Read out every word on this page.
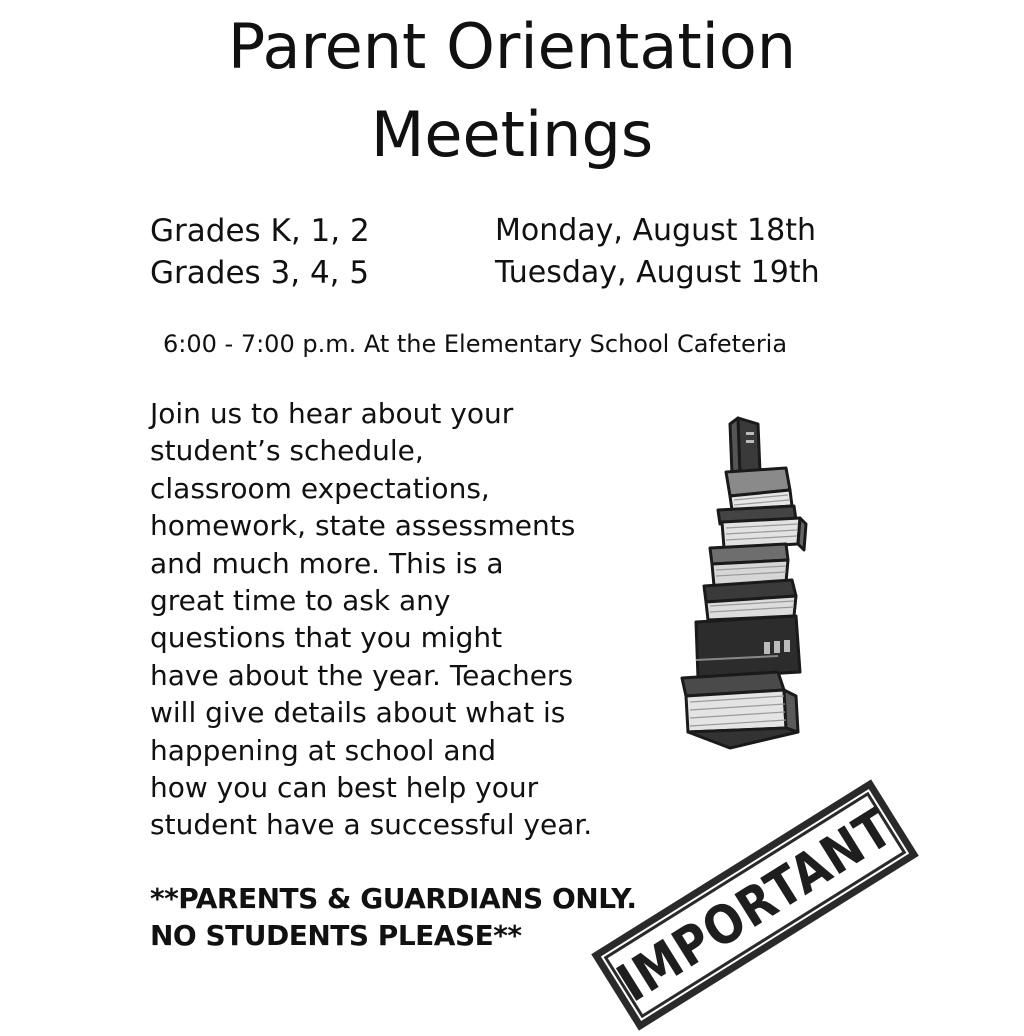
Parent Orientation
Meetings
Grades K, 1, 2	Monday, August 18th
Grades 3, 4, 5	Tuesday, August 19th
6:00 - 7:00 p.m. At the Elementary School Cafeteria
Join us to hear about your
student’s schedule,
classroom expectations,
homework, state assessments
and much more. This is a
great time to ask any
questions that you might
have about the year. Teachers
will give details about what is
happening at school and
how you can best help your
student have a successful year.
**PARENTS & GUARDIANS ONLY.
NO STUDENTS PLEASE**	IMPORTANT
